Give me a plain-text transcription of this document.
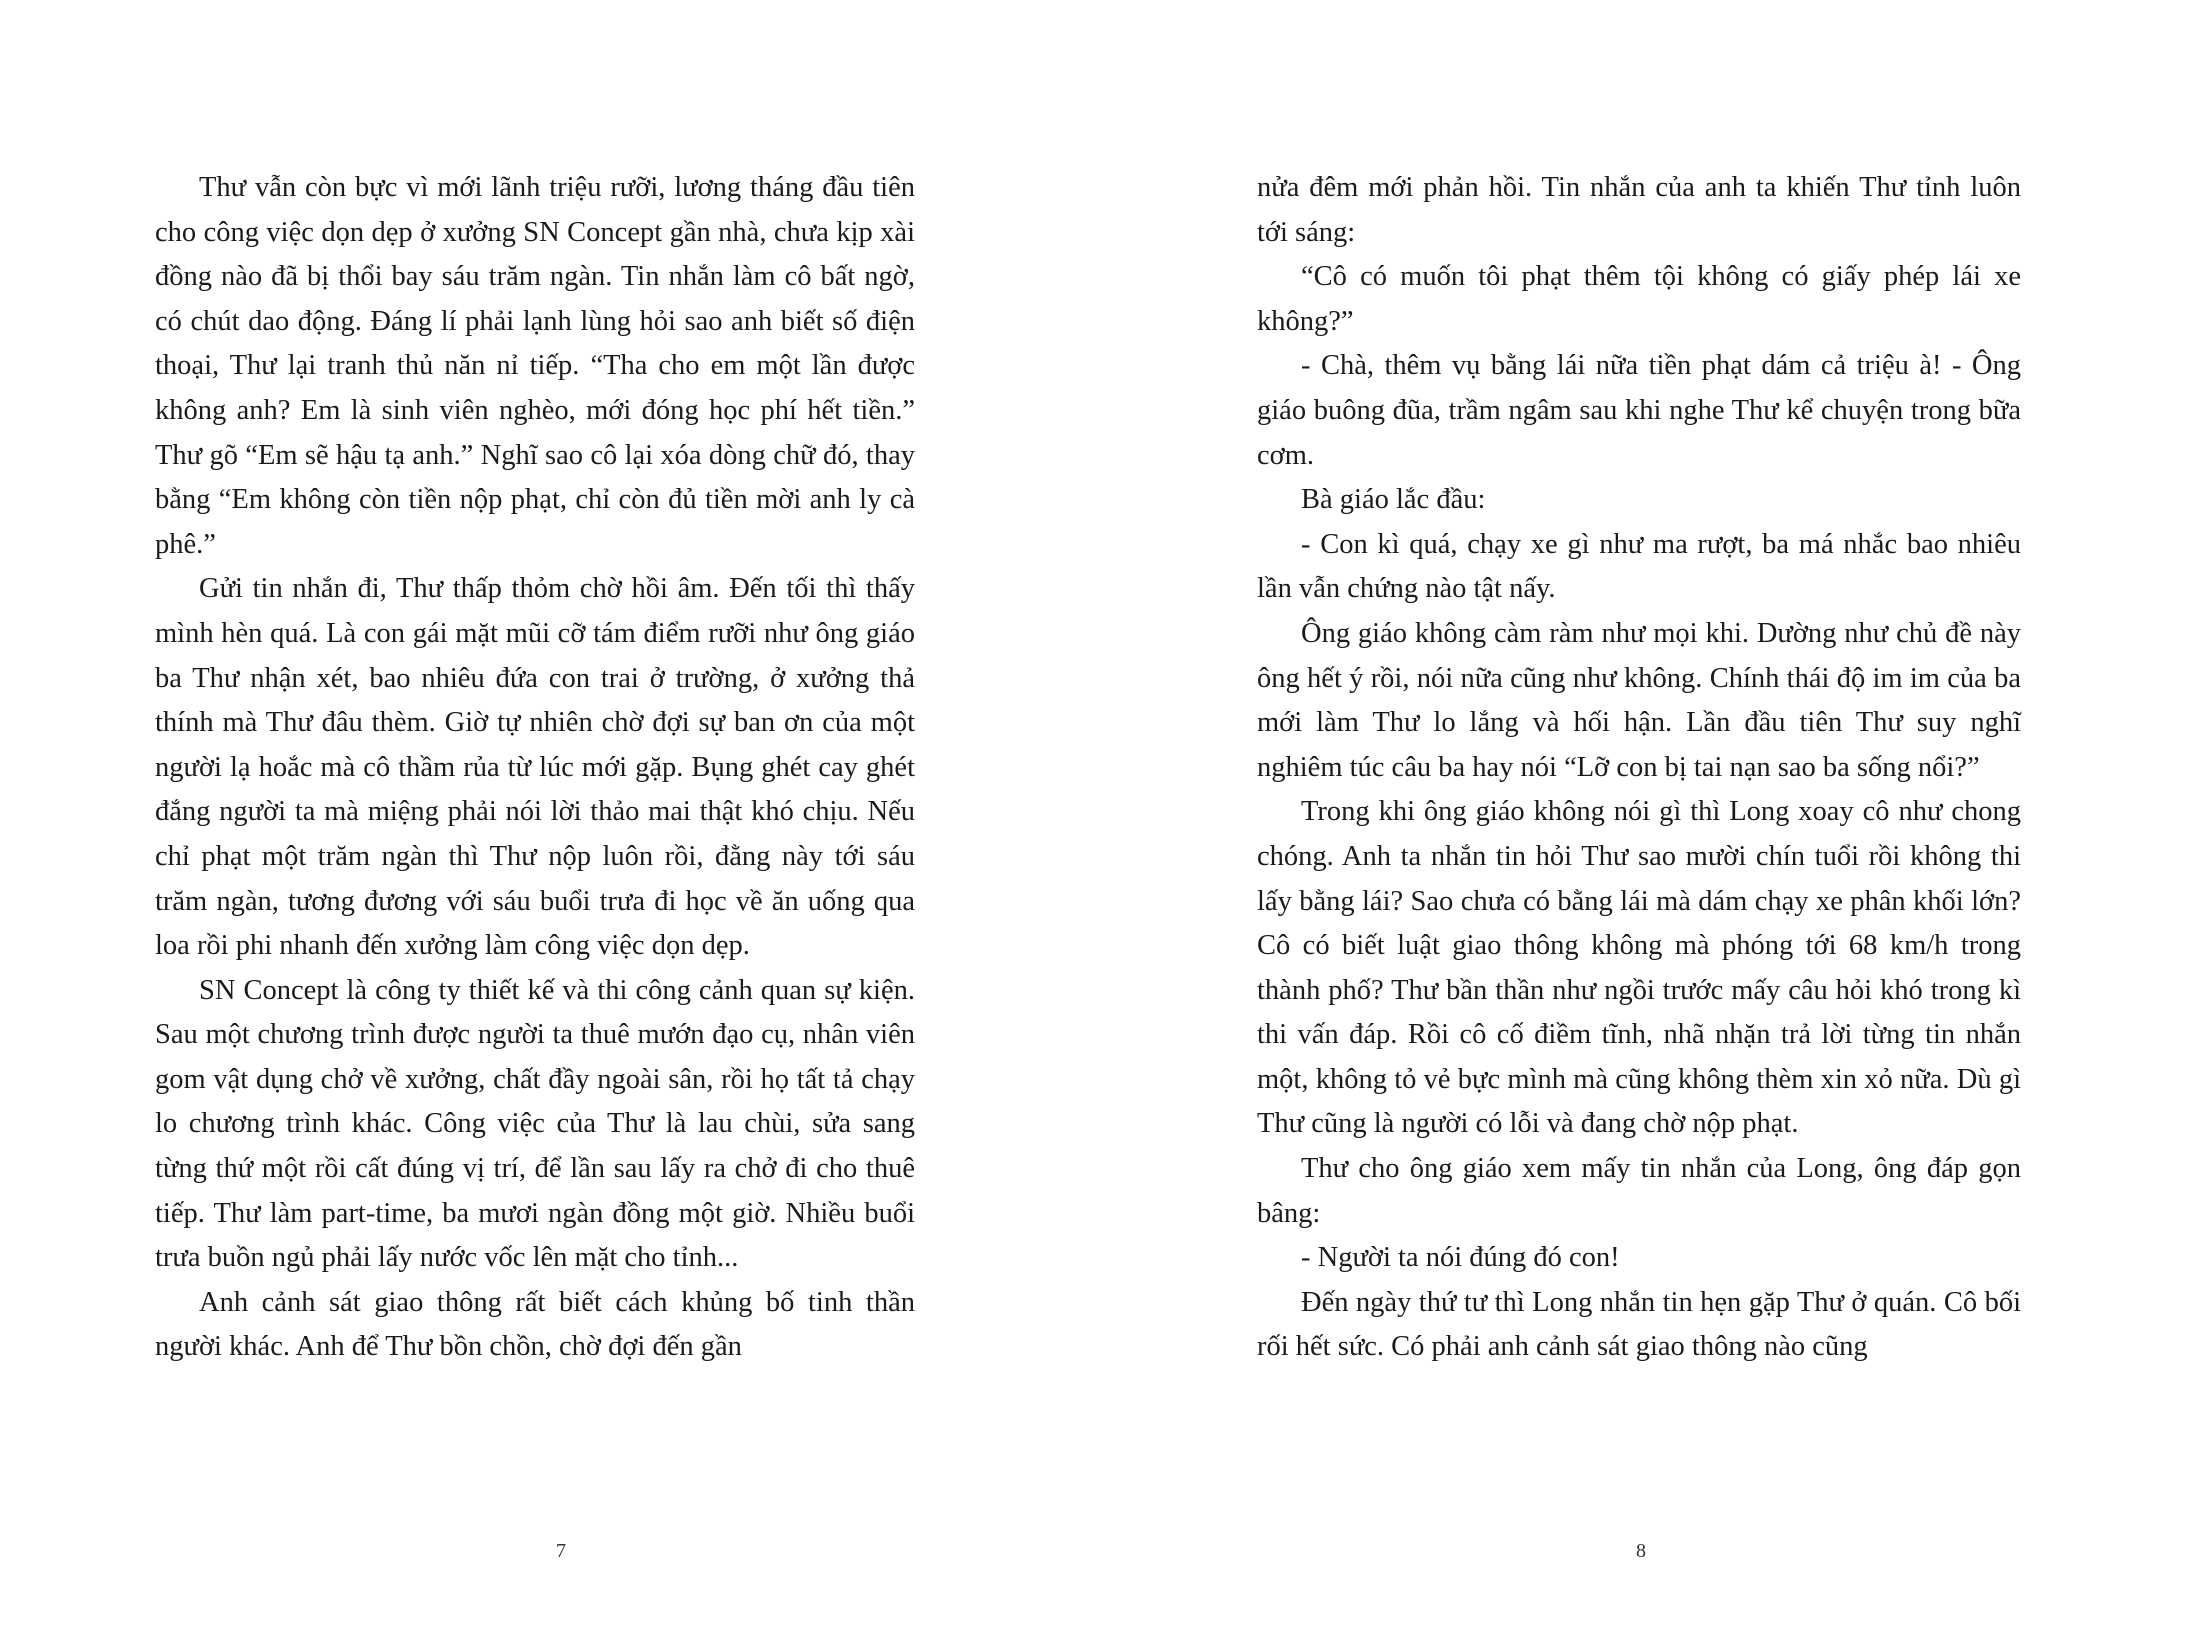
Thư vẫn còn bực vì mới lãnh triệu rưỡi, lương tháng đầu tiên cho công việc dọn dẹp ở xưởng SN Concept gần nhà, chưa kịp xài đồng nào đã bị thổi bay sáu trăm ngàn. Tin nhắn làm cô bất ngờ, có chút dao động. Đáng lí phải lạnh lùng hỏi sao anh biết số điện thoại, Thư lại tranh thủ năn nỉ tiếp. “Tha cho em một lần được không anh? Em là sinh viên nghèo, mới đóng học phí hết tiền.” Thư gõ “Em sẽ hậu tạ anh.” Nghĩ sao cô lại xóa dòng chữ đó, thay bằng “Em không còn tiền nộp phạt, chỉ còn đủ tiền mời anh ly cà phê.”

Gửi tin nhắn đi, Thư thấp thỏm chờ hồi âm. Đến tối thì thấy mình hèn quá. Là con gái mặt mũi cỡ tám điểm rưỡi như ông giáo ba Thư nhận xét, bao nhiêu đứa con trai ở trường, ở xưởng thả thính mà Thư đâu thèm. Giờ tự nhiên chờ đợi sự ban ơn của một người lạ hoắc mà cô thầm rủa từ lúc mới gặp. Bụng ghét cay ghét đắng người ta mà miệng phải nói lời thảo mai thật khó chịu. Nếu chỉ phạt một trăm ngàn thì Thư nộp luôn rồi, đằng này tới sáu trăm ngàn, tương đương với sáu buổi trưa đi học về ăn uống qua loa rồi phi nhanh đến xưởng làm công việc dọn dẹp.

SN Concept là công ty thiết kế và thi công cảnh quan sự kiện. Sau một chương trình được người ta thuê mướn đạo cụ, nhân viên gom vật dụng chở về xưởng, chất đầy ngoài sân, rồi họ tất tả chạy lo chương trình khác. Công việc của Thư là lau chùi, sửa sang từng thứ một rồi cất đúng vị trí, để lần sau lấy ra chở đi cho thuê tiếp. Thư làm part-time, ba mươi ngàn đồng một giờ. Nhiều buổi trưa buồn ngủ phải lấy nước vốc lên mặt cho tỉnh...

Anh cảnh sát giao thông rất biết cách khủng bố tinh thần người khác. Anh để Thư bồn chồn, chờ đợi đến gần

7

nửa đêm mới phản hồi. Tin nhắn của anh ta khiến Thư tỉnh luôn tới sáng:

“Cô có muốn tôi phạt thêm tội không có giấy phép lái xe không?”

- Chà, thêm vụ bằng lái nữa tiền phạt dám cả triệu à! - Ông giáo buông đũa, trầm ngâm sau khi nghe Thư kể chuyện trong bữa cơm.

Bà giáo lắc đầu:

- Con kì quá, chạy xe gì như ma rượt, ba má nhắc bao nhiêu lần vẫn chứng nào tật nấy.

Ông giáo không càm ràm như mọi khi. Dường như chủ đề này ông hết ý rồi, nói nữa cũng như không. Chính thái độ im im của ba mới làm Thư lo lắng và hối hận. Lần đầu tiên Thư suy nghĩ nghiêm túc câu ba hay nói “Lỡ con bị tai nạn sao ba sống nổi?”

Trong khi ông giáo không nói gì thì Long xoay cô như chong chóng. Anh ta nhắn tin hỏi Thư sao mười chín tuổi rồi không thi lấy bằng lái? Sao chưa có bằng lái mà dám chạy xe phân khối lớn? Cô có biết luật giao thông không mà phóng tới 68 km/h trong thành phố? Thư bần thần như ngồi trước mấy câu hỏi khó trong kì thi vấn đáp. Rồi cô cố điềm tĩnh, nhã nhặn trả lời từng tin nhắn một, không tỏ vẻ bực mình mà cũng không thèm xin xỏ nữa. Dù gì Thư cũng là người có lỗi và đang chờ nộp phạt.

Thư cho ông giáo xem mấy tin nhắn của Long, ông đáp gọn bâng:

- Người ta nói đúng đó con!

Đến ngày thứ tư thì Long nhắn tin hẹn gặp Thư ở quán. Cô bối rối hết sức. Có phải anh cảnh sát giao thông nào cũng

8
